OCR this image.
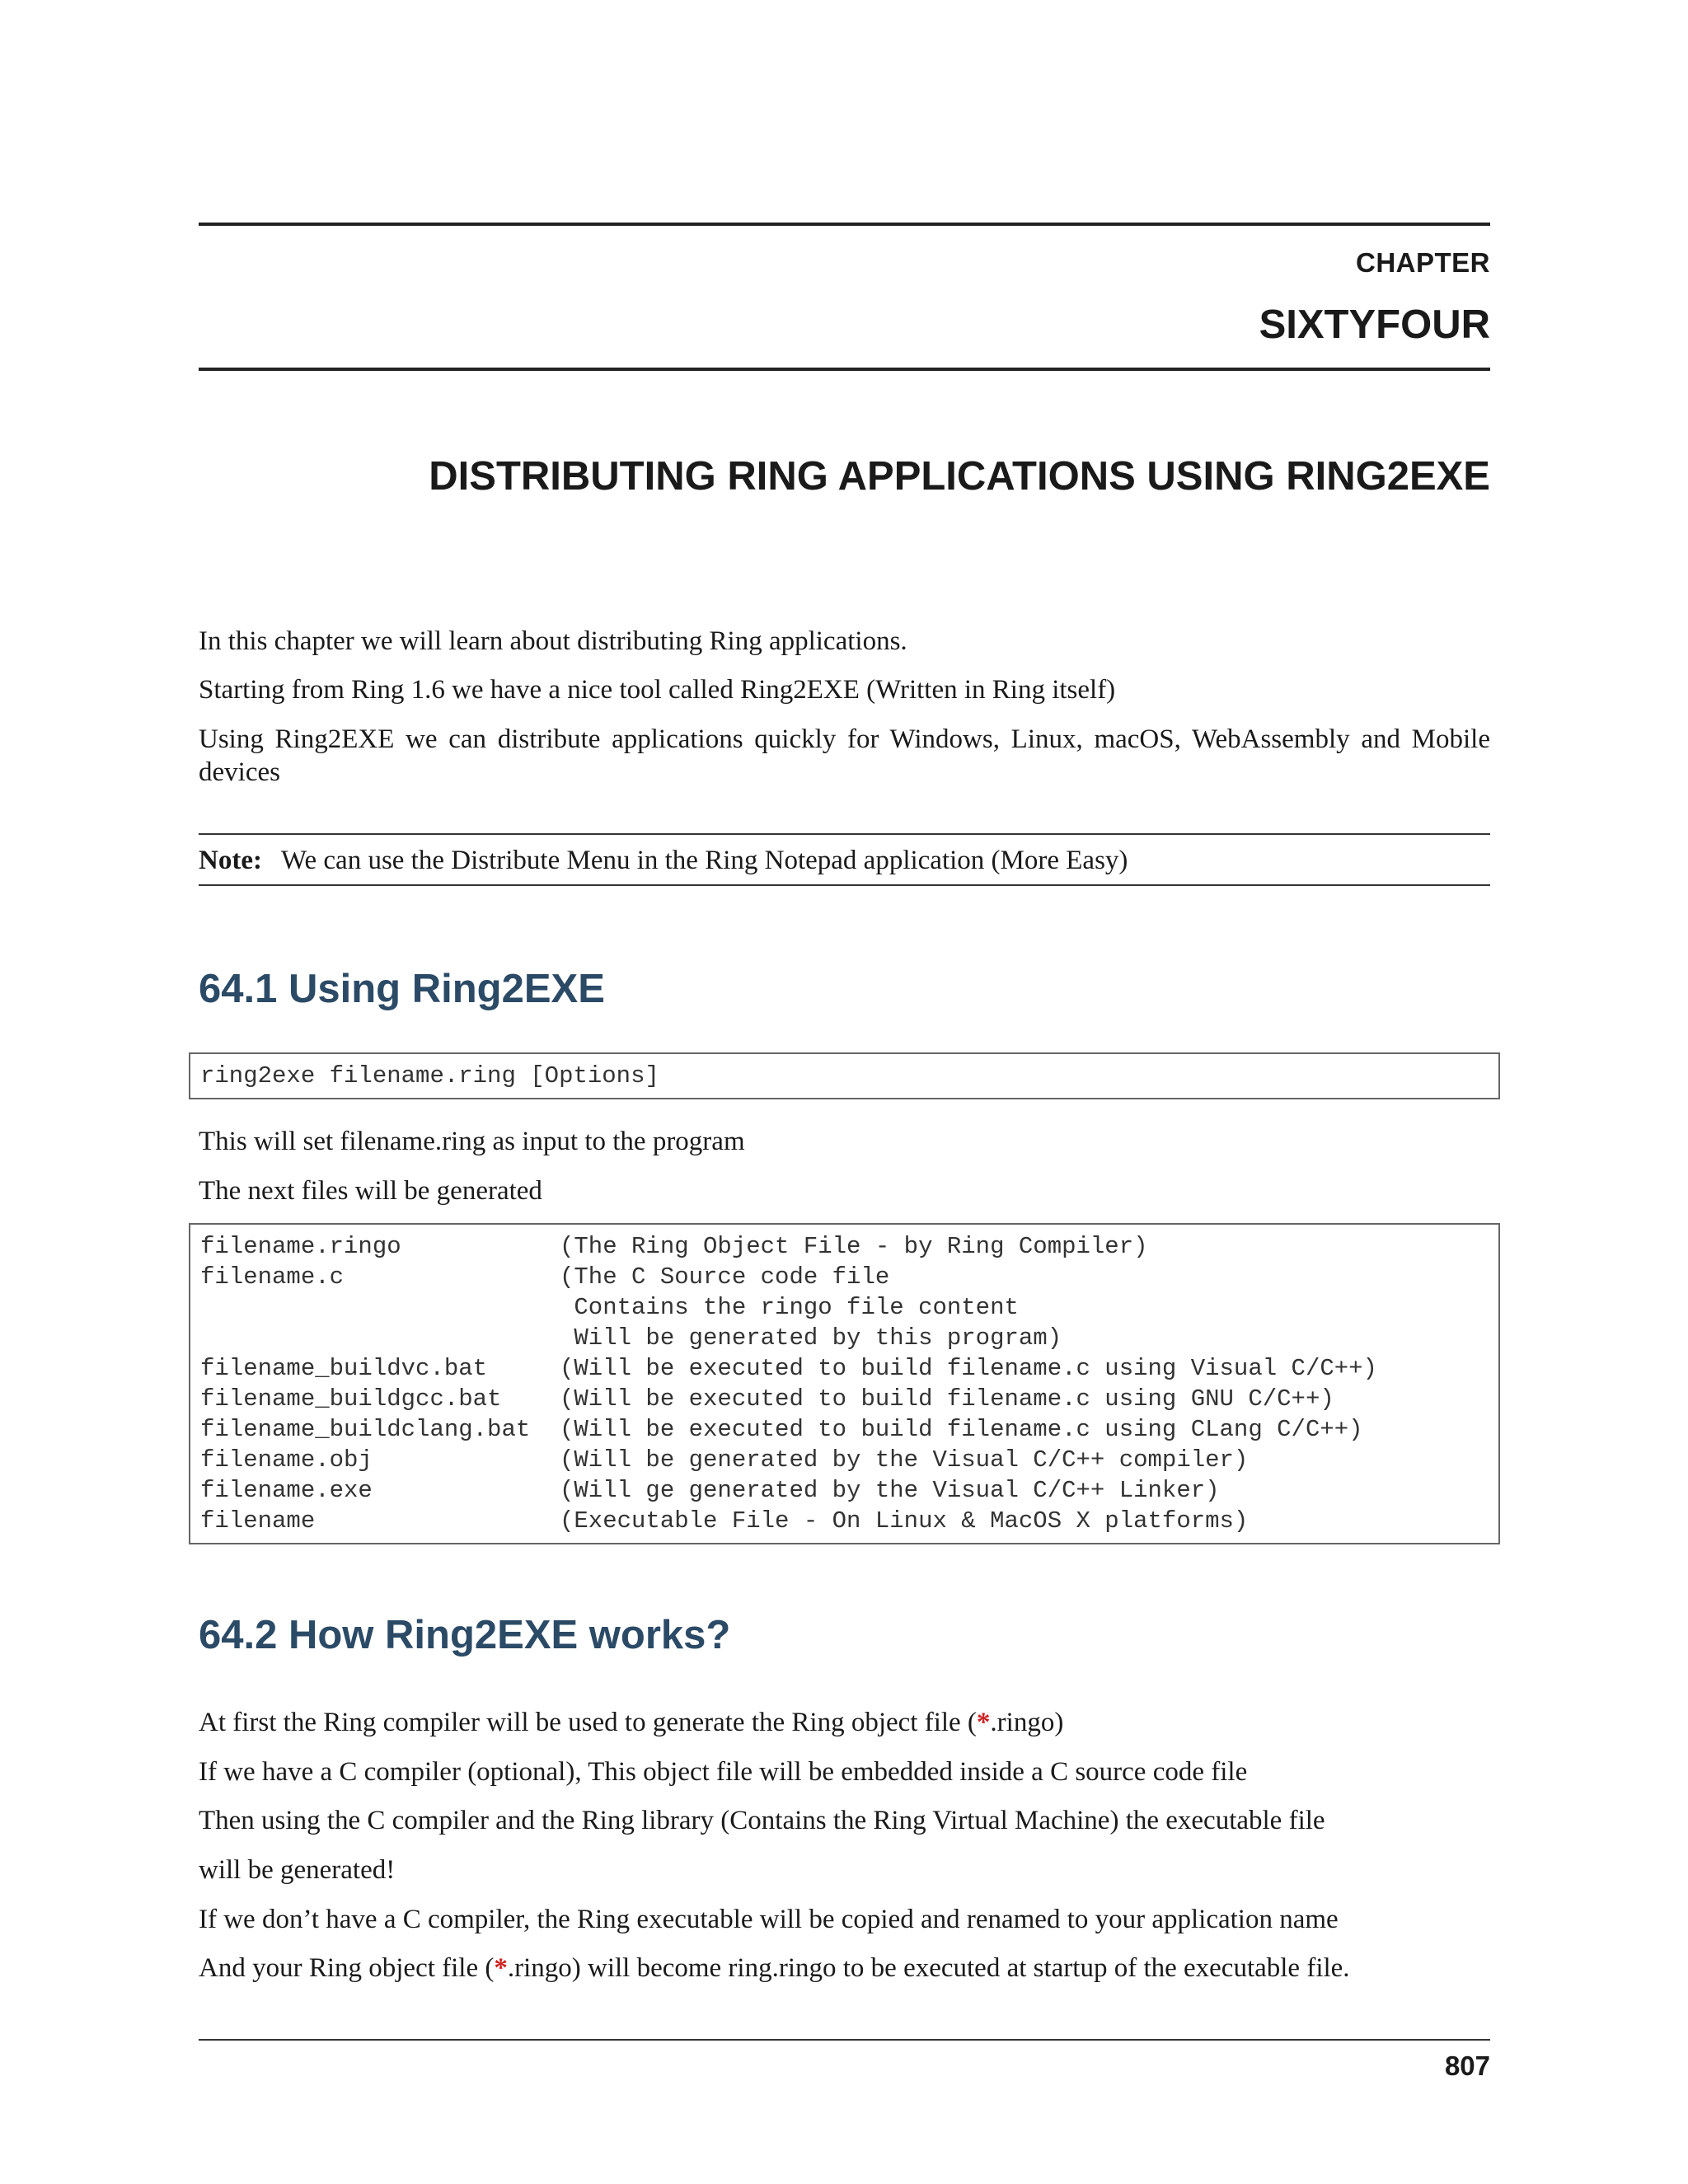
CHAPTER
SIXTYFOUR
DISTRIBUTING RING APPLICATIONS USING RING2EXE

In this chapter we will learn about distributing Ring applications.

Starting from Ring 1.6 we have a nice tool called Ring2EXE (Written in Ring itself)

Using Ring2EXE we can distribute applications quickly for Windows, Linux, macOS, WebAssembly and Mobile devices

Note: We can use the Distribute Menu in the Ring Notepad application (More Easy)
64.1 Using Ring2EXE
ring2exe filename.ring [Options]

This will set filename.ring as input to the program

The next files will be generated

filename.ringo	(The Ring Object File - by Ring Compiler)
filename.c	(The C Source code file
Contains the ringo file content
Will be generated by this program)
filename_buildvc.bat	(Will be executed to build filename.c using Visual C/C++)
filename_buildgcc.bat (Will be executed to build filename.c using GNU C/C++)
filename_buildclang.bat (Will be executed to build filename.c using CLang C/C++)
filename.obj	(Will be generated by the Visual C/C++ compiler)
filename.exe	(Will ge generated by the Visual C/C++ Linker)
filename	(Executable File - On Linux & MacOS X platforms)
64.2 How Ring2EXE works?

At first the Ring compiler will be used to generate the Ring object file (*.ringo)

If we have a C compiler (optional), This object file will be embedded inside a C source code file

Then using the C compiler and the Ring library (Contains the Ring Virtual Machine) the executable file

will be generated!

If we don’t have a C compiler, the Ring executable will be copied and renamed to your application name

And your Ring object file (*.ringo) will become ring.ringo to be executed at startup of the executable file.

807
